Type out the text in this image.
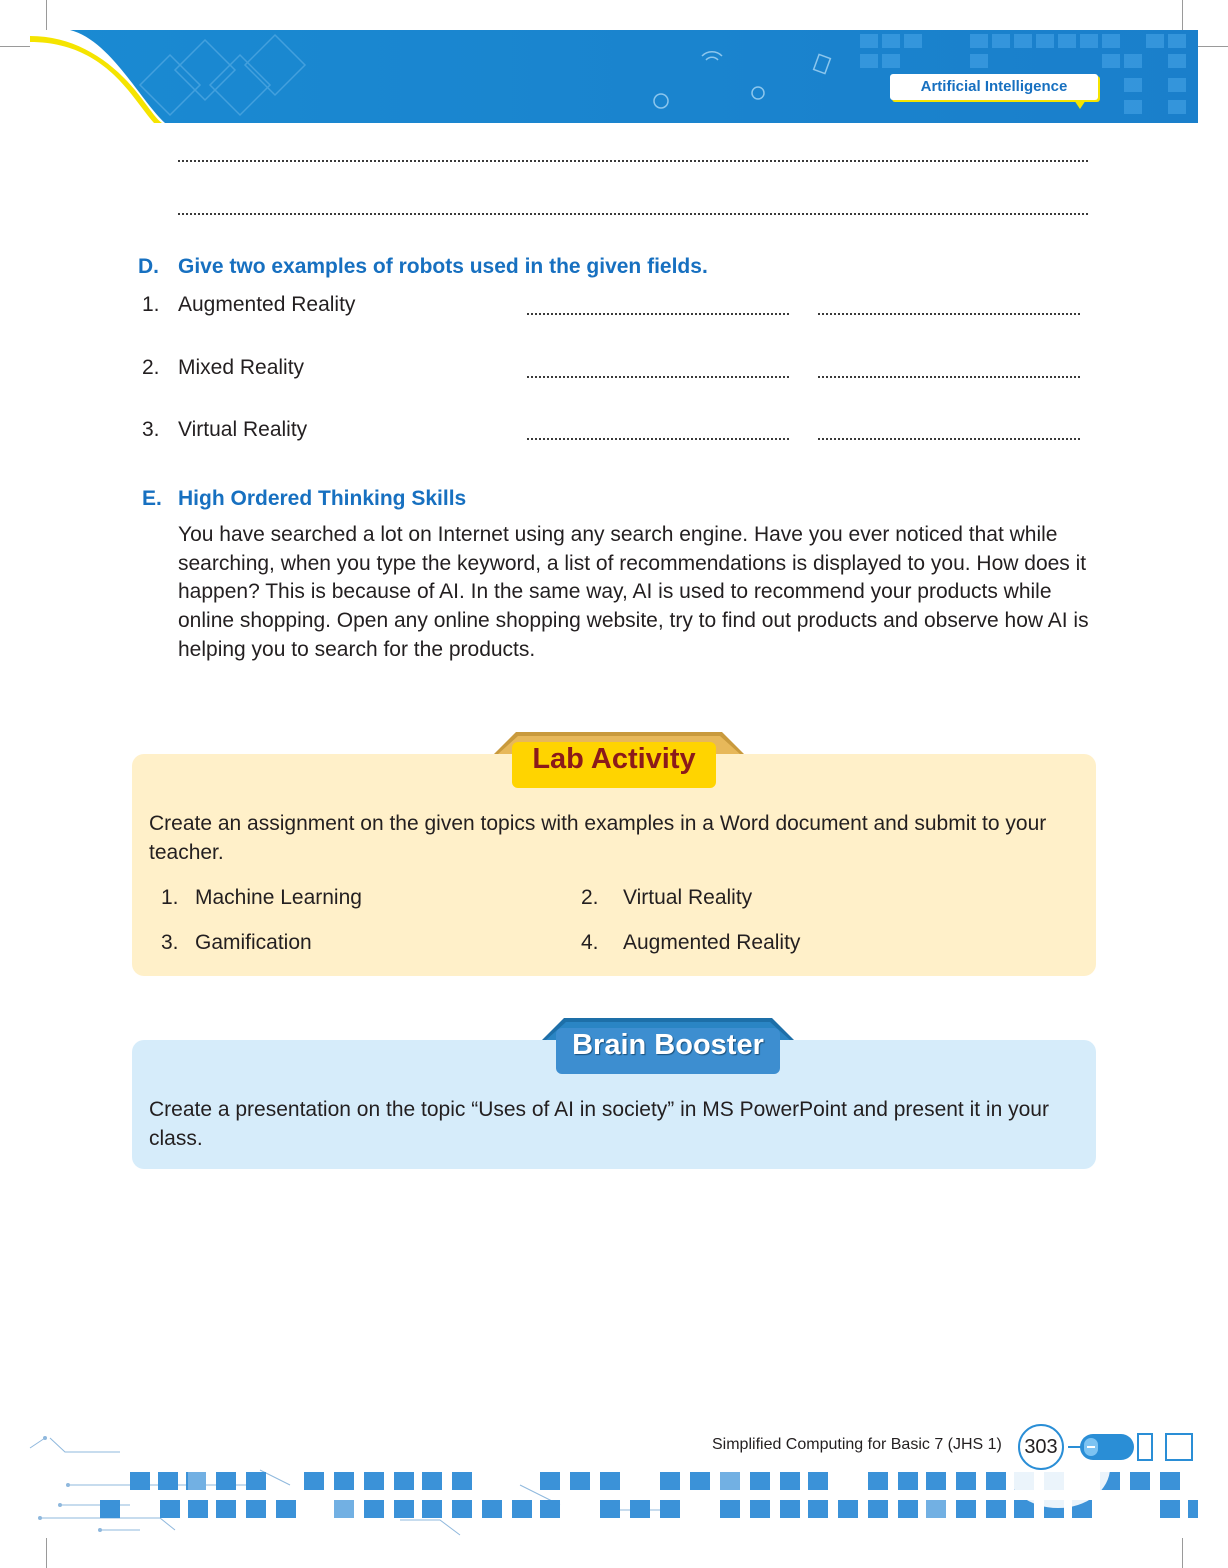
Artificial Intelligence
D. Give two examples of robots used in the given fields.
1. Augmented Reality
2. Mixed Reality
3. Virtual Reality
E. High Ordered Thinking Skills

You have searched a lot on Internet using any search engine. Have you ever noticed that while searching, when you type the keyword, a list of recommendations is displayed to you. How does it happen? This is because of AI. In the same way, AI is used to recommend your products while online shopping. Open any online shopping website, try to find out products and observe how AI is helping you to search for the products.

Create an assignment on the given topics with examples in a Word document and submit to your teacher.

1. Machine Learning	2. Virtual Reality
3. Gamification	4. Augmented Reality
Lab Activity

Create a presentation on the topic “Uses of AI in society” in MS PowerPoint and present it in your class.

Brain Booster
Simplified Computing for Basic 7 (JHS 1)	303
